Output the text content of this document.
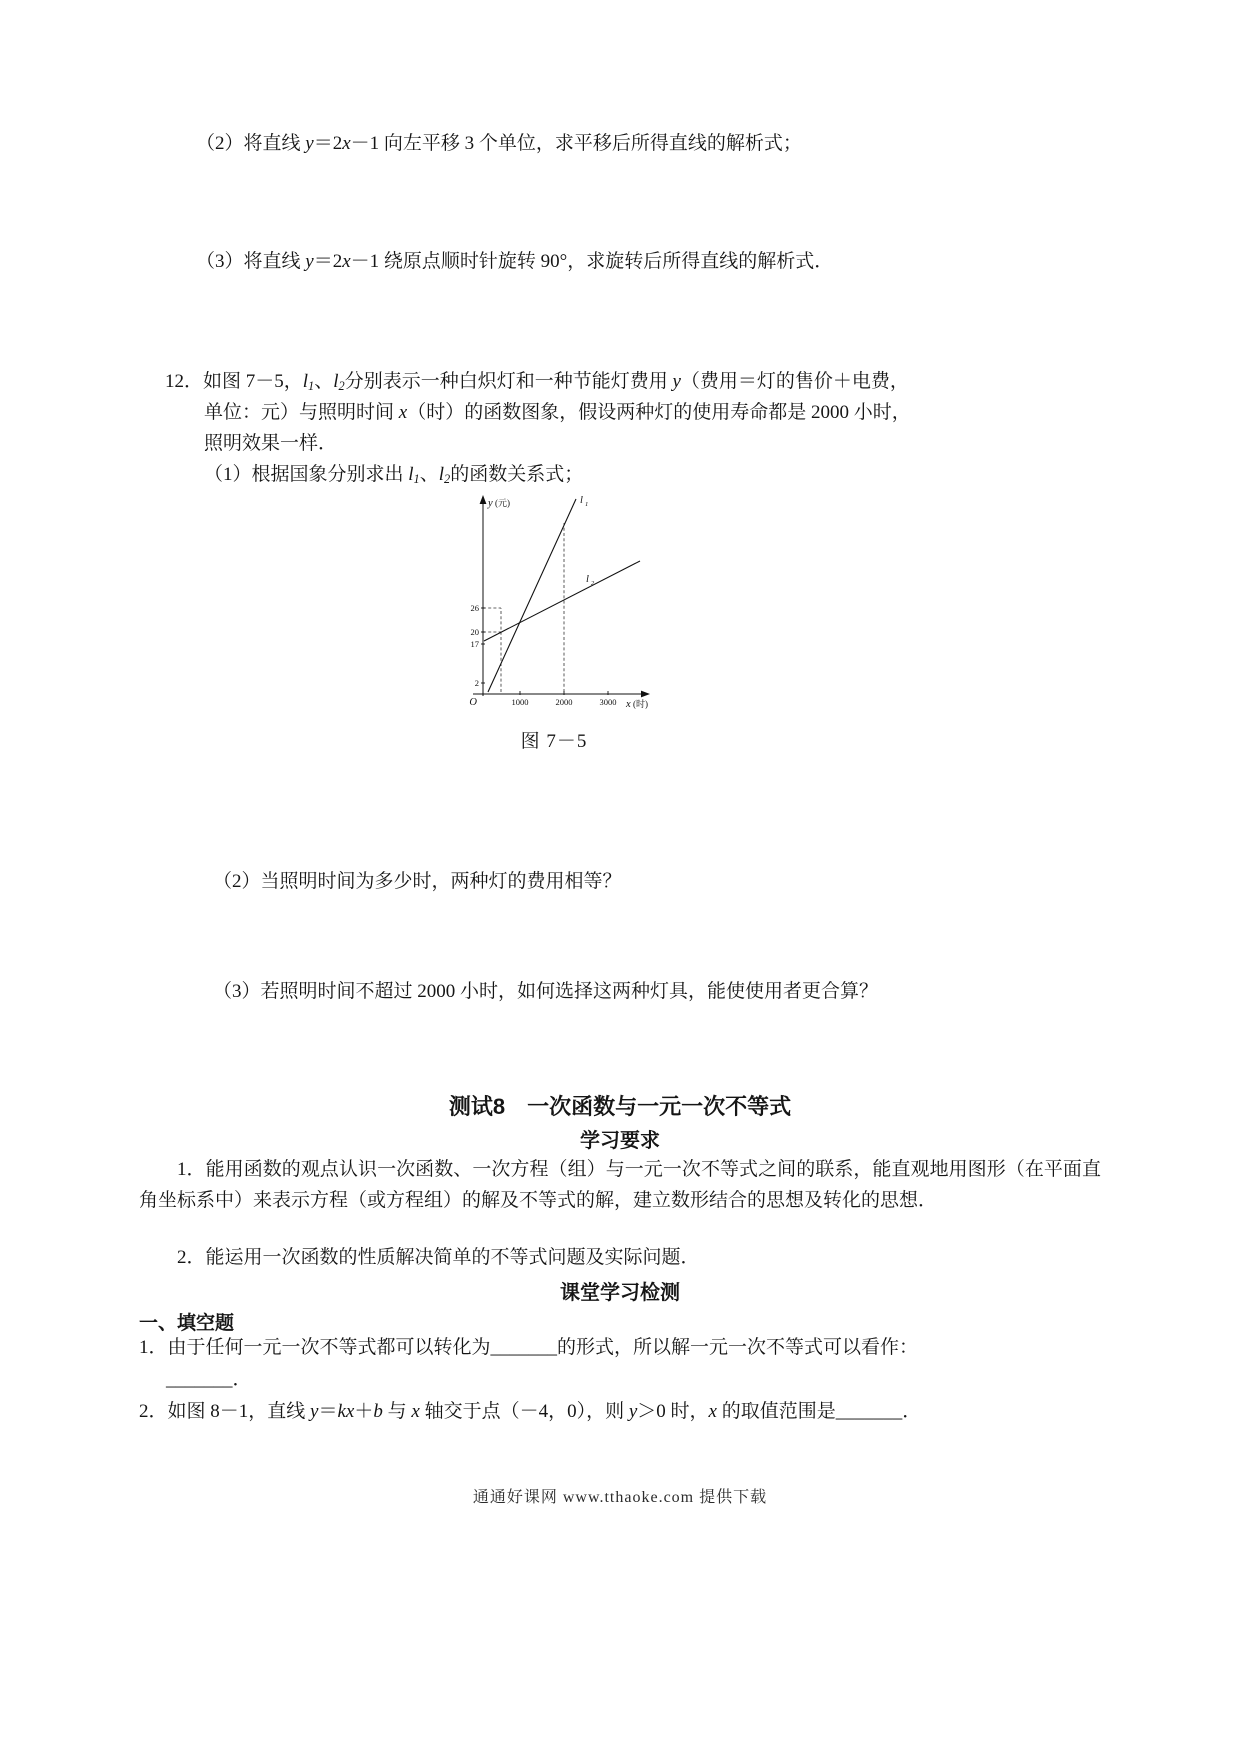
（2）将直线 y＝2x－1 向左平移 3 个单位，求平移后所得直线的解析式；
（3）将直线 y＝2x－1 绕原点顺时针旋转 90°，求旋转后所得直线的解析式．
12．如图 7－5，l1、l2分别表示一种白炽灯和一种节能灯费用 y（费用＝灯的售价＋电费，
单位：元）与照明时间 x（时）的函数图象，假设两种灯的使用寿命都是 2000 小时，
照明效果一样．
（1）根据国象分别求出 l1、l2的函数关系式；
y (元)
x (时)
O
26
20
17
2
1000	2000	3000
l 1
l 2
图 7－5
（2）当照明时间为多少时，两种灯的费用相等？
（3）若照明时间不超过 2000 小时，如何选择这两种灯具，能使使用者更合算？
测试8　一次函数与一元一次不等式
学习要求
1．能用函数的观点认识一次函数、一次方程（组）与一元一次不等式之间的联系，能直观地用图形（在平面直角坐标系中）来表示方程（或方程组）的解及不等式的解，建立数形结合的思想及转化的思想．
2．能运用一次函数的性质解决简单的不等式问题及实际问题．
课堂学习检测
一、填空题
1．由于任何一元一次不等式都可以转化为_______的形式，所以解一元一次不等式可以看作：
_______．
2．如图 8－1，直线 y＝kx＋b 与 x 轴交于点（－4，0），则 y＞0 时，x 的取值范围是_______．
通通好课网 www.tthaoke.com 提供下载
